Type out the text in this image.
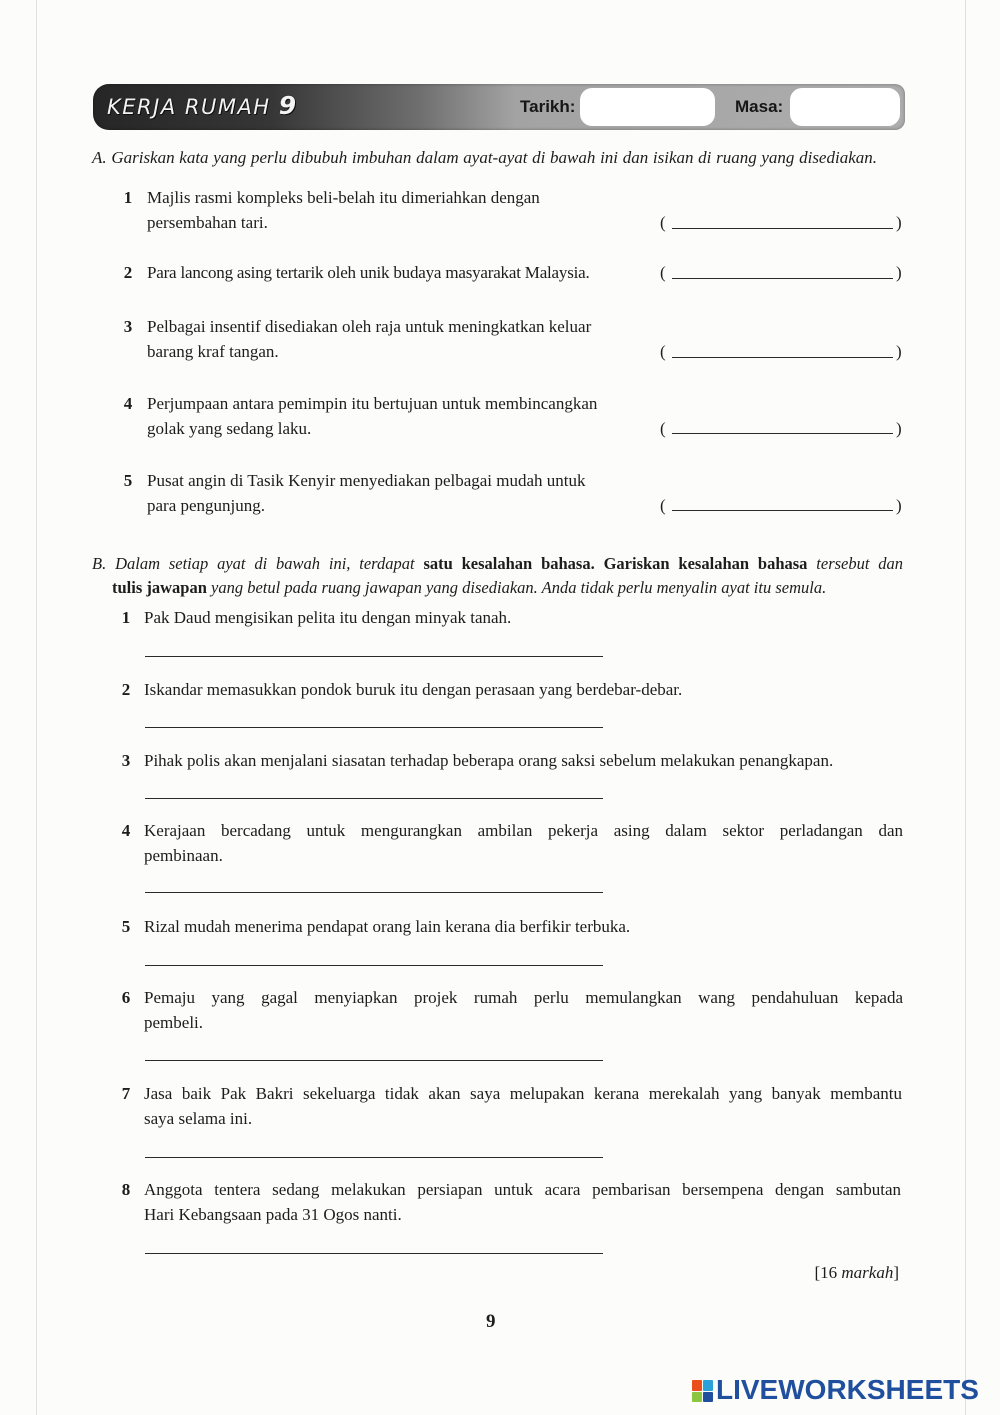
KERJA RUMAH 9	Tarikh:	Masa:
A. Gariskan kata yang perlu dibubuh imbuhan dalam ayat-ayat di bawah ini dan isikan di ruang yang disediakan.
1 Majlis rasmi kompleks beli-belah itu dimeriahkan dengan
persembahan tari.	(	)
2 Para lancong asing tertarik oleh unik budaya masyarakat Malaysia.	(	)
3 Pelbagai insentif disediakan oleh raja untuk meningkatkan keluar
barang kraf tangan.	(	)
4 Perjumpaan antara pemimpin itu bertujuan untuk membincangkan
golak yang sedang laku.	(	)
5 Pusat angin di Tasik Kenyir menyediakan pelbagai mudah untuk
para pengunjung.	(	)
B. Dalam setiap ayat di bawah ini, terdapat satu kesalahan bahasa. Gariskan kesalahan bahasa tersebut dan
tulis jawapan yang betul pada ruang jawapan yang disediakan. Anda tidak perlu menyalin ayat itu semula.
1 Pak Daud mengisikan pelita itu dengan minyak tanah.
2 Iskandar memasukkan pondok buruk itu dengan perasaan yang berdebar-debar.
3 Pihak polis akan menjalani siasatan terhadap beberapa orang saksi sebelum melakukan penangkapan.
4 Kerajaan bercadang untuk mengurangkan ambilan pekerja asing dalam sektor perladangan dan
pembinaan.
5 Rizal mudah menerima pendapat orang lain kerana dia berfikir terbuka.
6 Pemaju yang gagal menyiapkan projek rumah perlu memulangkan wang pendahuluan kepada
pembeli.
7 Jasa baik Pak Bakri sekeluarga tidak akan saya melupakan kerana merekalah yang banyak membantu
saya selama ini.
8 Anggota tentera sedang melakukan persiapan untuk acara pembarisan bersempena dengan sambutan
Hari Kebangsaan pada 31 Ogos nanti.
[16 markah]
9
LIVEWORKSHEETS
